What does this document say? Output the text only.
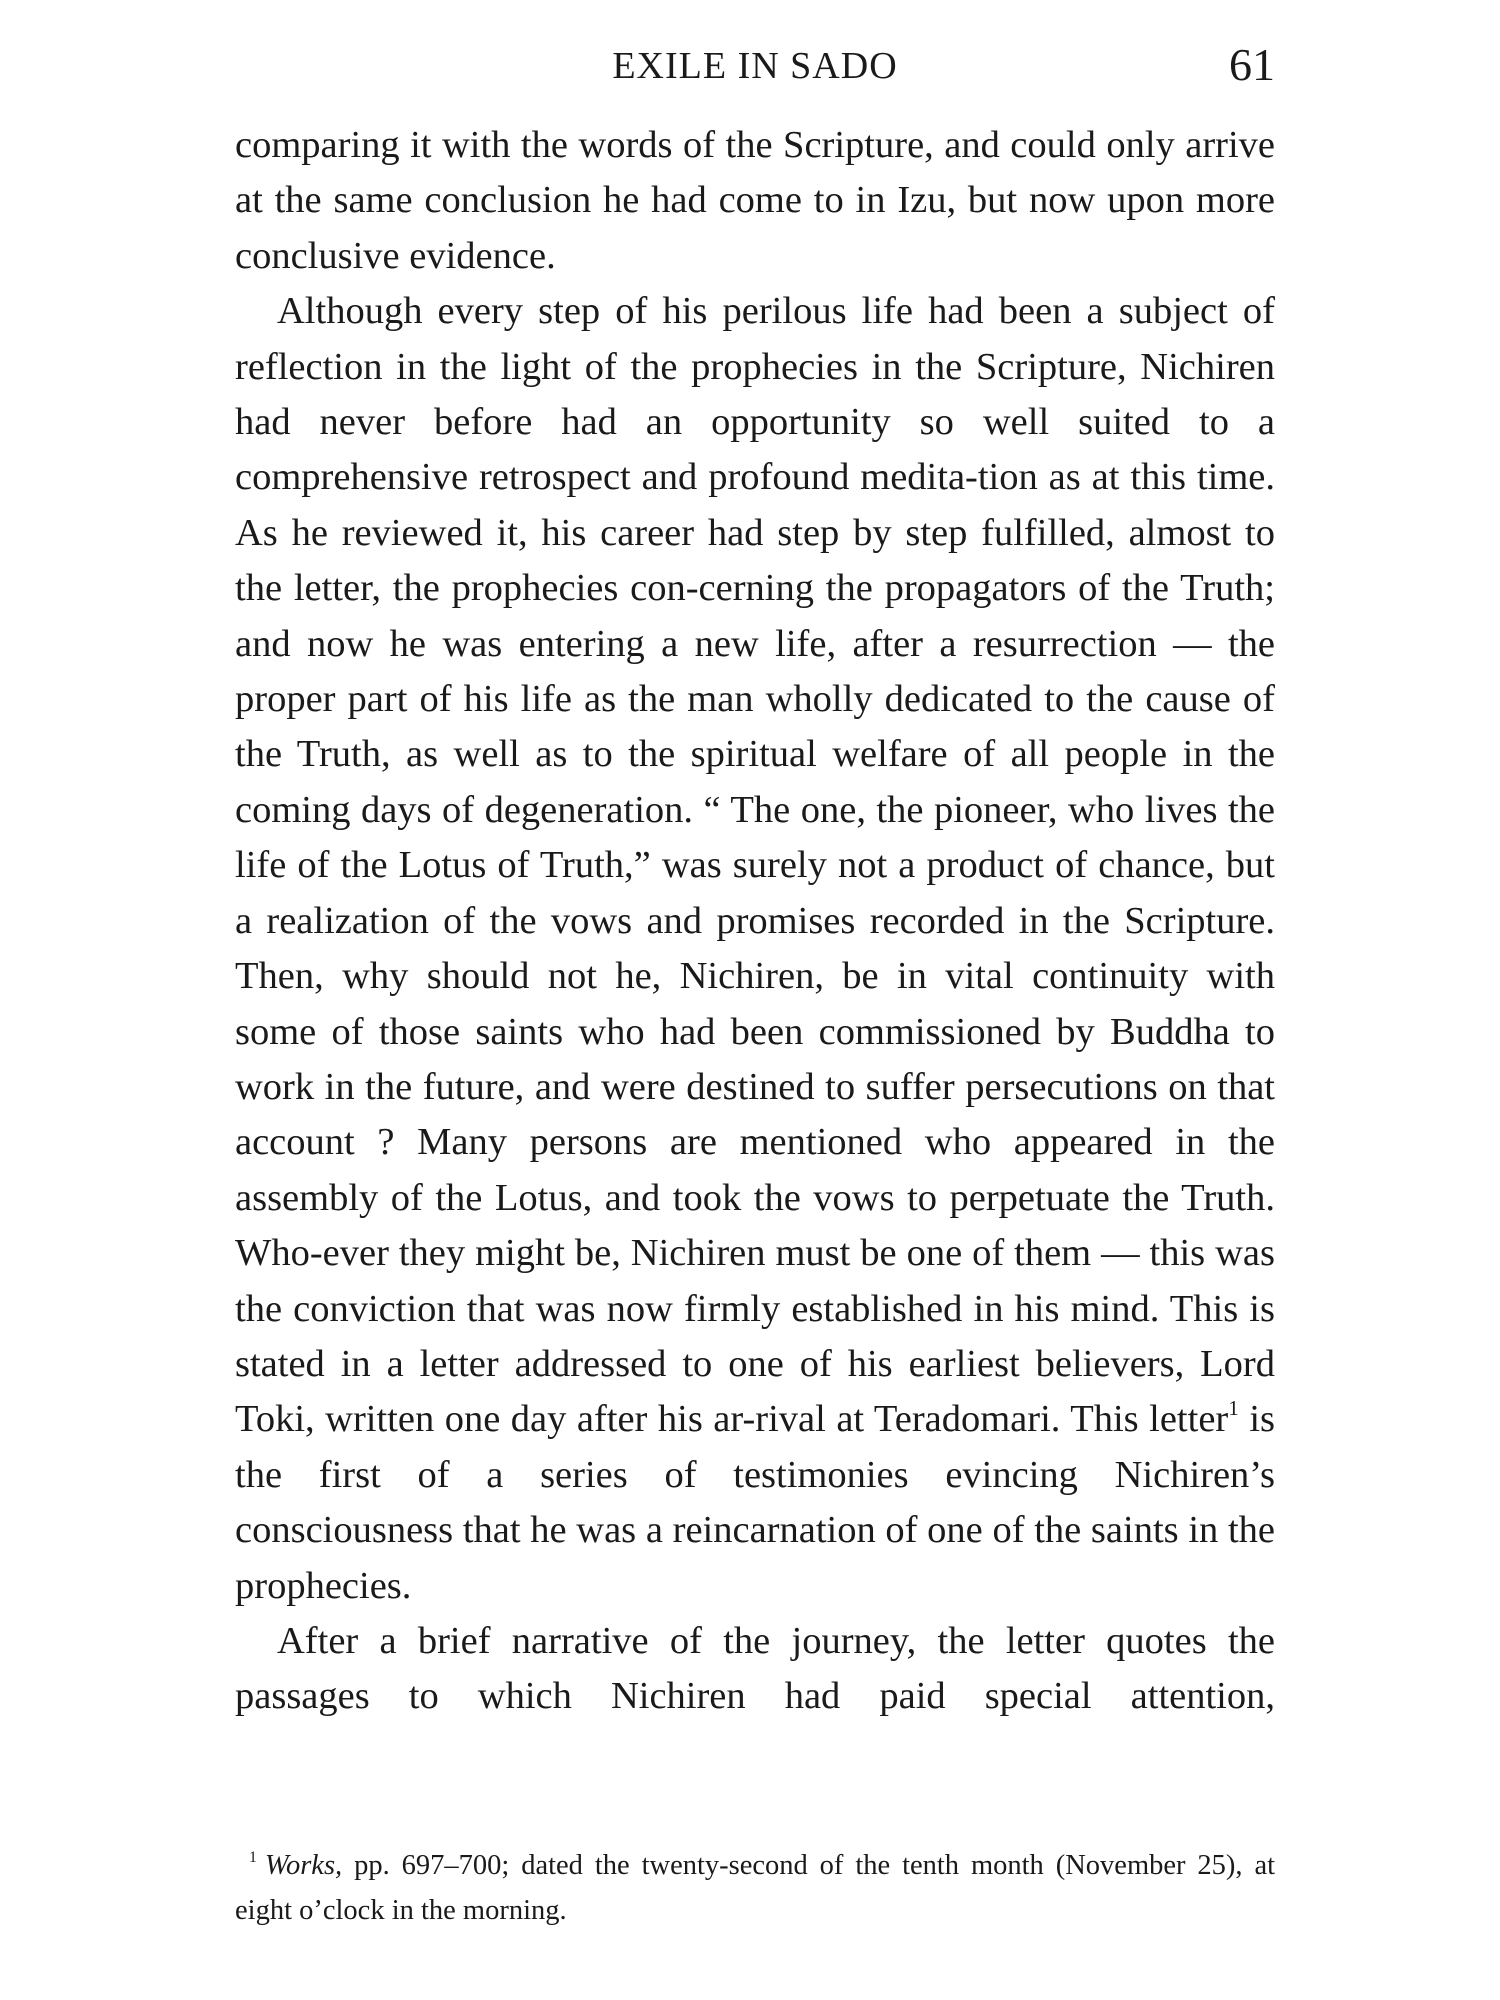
EXILE IN SADO	61

comparing it with the words of the Scripture, and could only arrive at the same conclusion he had come to in Izu, but now upon more conclusive evidence.

Although every step of his perilous life had been a subject of reflection in the light of the prophecies in the Scripture, Nichiren had never before had an opportunity so well suited to a comprehensive retrospect and profound medita-tion as at this time. As he reviewed it, his career had step by step fulfilled, almost to the letter, the prophecies con-cerning the propagators of the Truth; and now he was entering a new life, after a resurrection — the proper part of his life as the man wholly dedicated to the cause of the Truth, as well as to the spiritual welfare of all people in the coming days of degeneration. “ The one, the pioneer, who lives the life of the Lotus of Truth,” was surely not a product of chance, but a realization of the vows and promises recorded in the Scripture. Then, why should not he, Nichiren, be in vital continuity with some of those saints who had been commissioned by Buddha to work in the future, and were destined to suffer persecutions on that account ? Many persons are mentioned who appeared in the assembly of the Lotus, and took the vows to perpetuate the Truth. Who-ever they might be, Nichiren must be one of them — this was the conviction that was now firmly established in his mind. This is stated in a letter addressed to one of his earliest believers, Lord Toki, written one day after his ar-rival at Teradomari. This letter$^1$ is the first of a series of testimonies evincing Nichiren’s consciousness that he was a reincarnation of one of the saints in the prophecies.

After a brief narrative of the journey, the letter quotes the passages to which Nichiren had paid special attention,

$^1$ Works, pp. 697–700; dated the twenty-second of the tenth month (November 25), at eight o’clock in the morning.
